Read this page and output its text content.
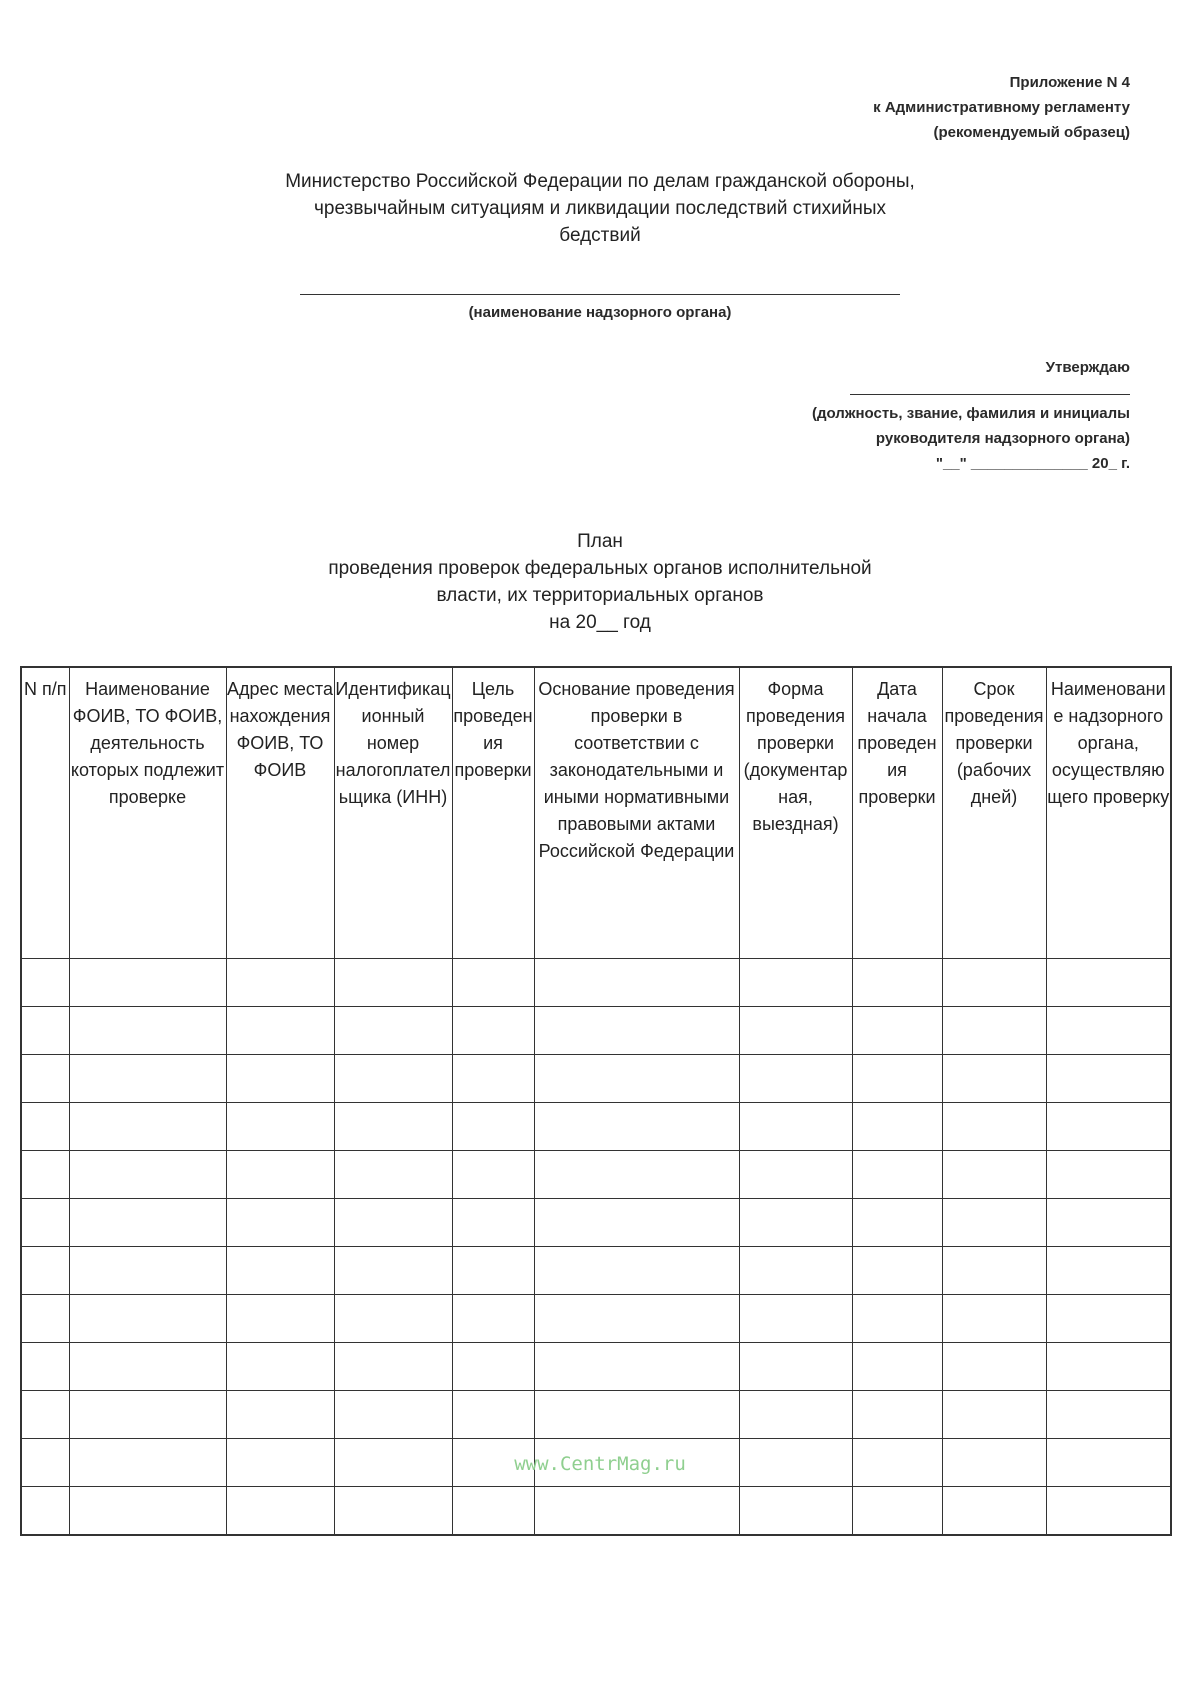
Приложение N 4
к Административному регламенту
(рекомендуемый образец)
Министерство Российской Федерации по делам гражданской обороны, чрезвычайным ситуациям и ликвидации последствий стихийных бедствий
(наименование надзорного органа)
Утверждаю
(должность, звание, фамилия и инициалы руководителя надзорного органа)
"__" ______________ 20_ г.
План
проведения проверок федеральных органов исполнительной власти, их территориальных органов
на 20__ год
N п/п	Наименование ФОИВ, ТО ФОИВ, деятельность которых подлежит проверке	Адрес места нахождения ФОИВ, ТО ФОИВ	Идентификационный номер налогоплательщика (ИНН)	Цель проведения проверки	Основание проведения проверки в соответствии с законодательными и иными нормативными правовыми актами Российской Федерации	Форма проведения проверки (документарная, выездная)	Дата начала проведения проверки	Срок проведения проверки (рабочих дней)	Наименование надзорного органа, осуществляющего проверку

www.CentrMag.ru
